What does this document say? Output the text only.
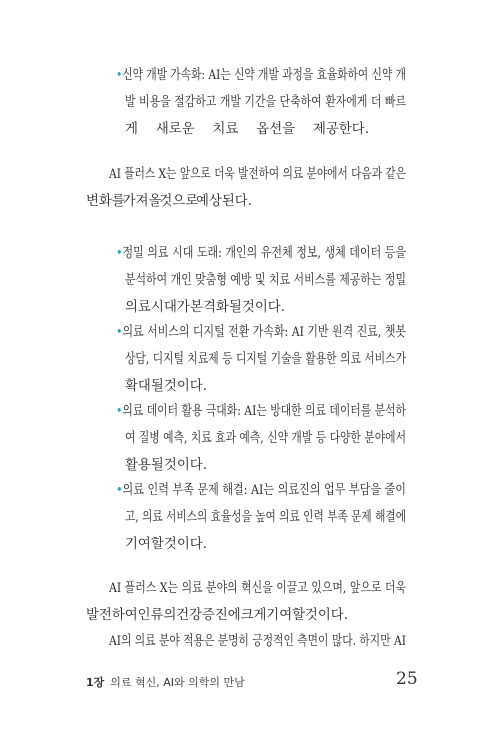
•신약 개발 가속화: AI는 신약 개발 과정을 효율화하여 신약 개
발 비용을 절감하고 개발 기간을 단축하여 환자에게 더 빠르
게 새로운 치료 옵션을 제공한다.
AI 플러스 X는 앞으로 더욱 발전하여 의료 분야에서 다음과 같은
변화를 가져올 것으로 예상된다.
•정밀 의료 시대 도래: 개인의 유전체 정보, 생체 데이터 등을
분석하여 개인 맞춤형 예방 및 치료 서비스를 제공하는 정밀
의료 시대가 본격화될 것이다.
•의료 서비스의 디지털 전환 가속화: AI 기반 원격 진료, 챗봇
상담, 디지털 치료제 등 디지털 기술을 활용한 의료 서비스가
확대될 것이다.
•의료 데이터 활용 극대화: AI는 방대한 의료 데이터를 분석하
여 질병 예측, 치료 효과 예측, 신약 개발 등 다양한 분야에서
활용될 것이다.
•의료 인력 부족 문제 해결: AI는 의료진의 업무 부담을 줄이
고, 의료 서비스의 효율성을 높여 의료 인력 부족 문제 해결에
기여할 것이다.
AI 플러스 X는 의료 분야의 혁신을 이끌고 있으며, 앞으로 더욱
발전하여 인류의 건강 증진에 크게 기여할 것이다.
AI의 의료 분야 적용은 분명히 긍정적인 측면이 많다. 하지만 AI
1장 의료 혁신, AI와 의학의 만남	25
